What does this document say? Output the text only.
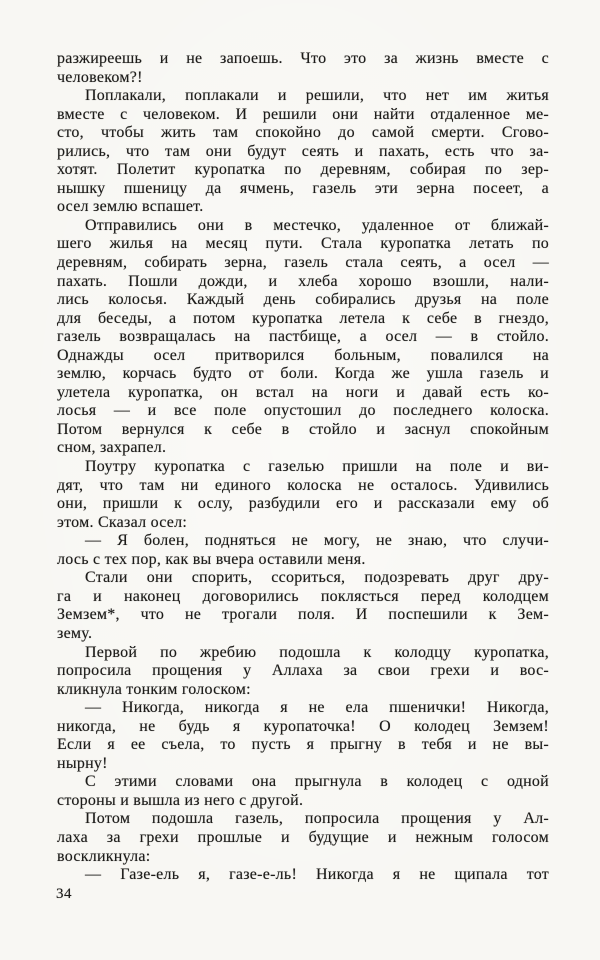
разжиреешь и не запоешь. Что это за жизнь вместе с
человеком?!
Поплакали, поплакали и решили, что нет им житья
вместе с человеком. И решили они найти отдаленное ме-
сто, чтобы жить там спокойно до самой смерти. Сгово-
рились, что там они будут сеять и пахать, есть что за-
хотят. Полетит куропатка по деревням, собирая по зер-
нышку пшеницу да ячмень, газель эти зерна посеет, а
осел землю вспашет.
Отправились они в местечко, удаленное от ближай-
шего жилья на месяц пути. Стала куропатка летать по
деревням, собирать зерна, газель стала сеять, а осел —
пахать. Пошли дожди, и хлеба хорошо взошли, нали-
лись колосья. Каждый день собирались друзья на поле
для беседы, а потом куропатка летела к себе в гнездо,
газель возвращалась на пастбище, а осел — в стойло.
Однажды осел притворился больным, повалился на
землю, корчась будто от боли. Когда же ушла газель и
улетела куропатка, он встал на ноги и давай есть ко-
лосья — и все поле опустошил до последнего колоска.
Потом вернулся к себе в стойло и заснул спокойным
сном, захрапел.
Поутру куропатка с газелью пришли на поле и ви-
дят, что там ни единого колоска не осталось. Удивились
они, пришли к ослу, разбудили его и рассказали ему об
этом. Сказал осел:
— Я болен, подняться не могу, не знаю, что случи-
лось с тех пор, как вы вчера оставили меня.
Стали они спорить, ссориться, подозревать друг дру-
га и наконец договорились поклясться перед колодцем
Земзем*, что не трогали поля. И поспешили к Зем-
зему.
Первой по жребию подошла к колодцу куропатка,
попросила прощения у Аллаха за свои грехи и вос-
кликнула тонким голоском:
— Никогда, никогда я не ела пшенички! Никогда,
никогда, не будь я куропаточка! О колодец Земзем!
Если я ее съела, то пусть я прыгну в тебя и не вы-
нырну!
С этими словами она прыгнула в колодец с одной
стороны и вышла из него с другой.
Потом подошла газель, попросила прощения у Ал-
лаха за грехи прошлые и будущие и нежным голосом
воскликнула:
— Газе-ель я, газе-е-ль! Никогда я не щипала тот
34
